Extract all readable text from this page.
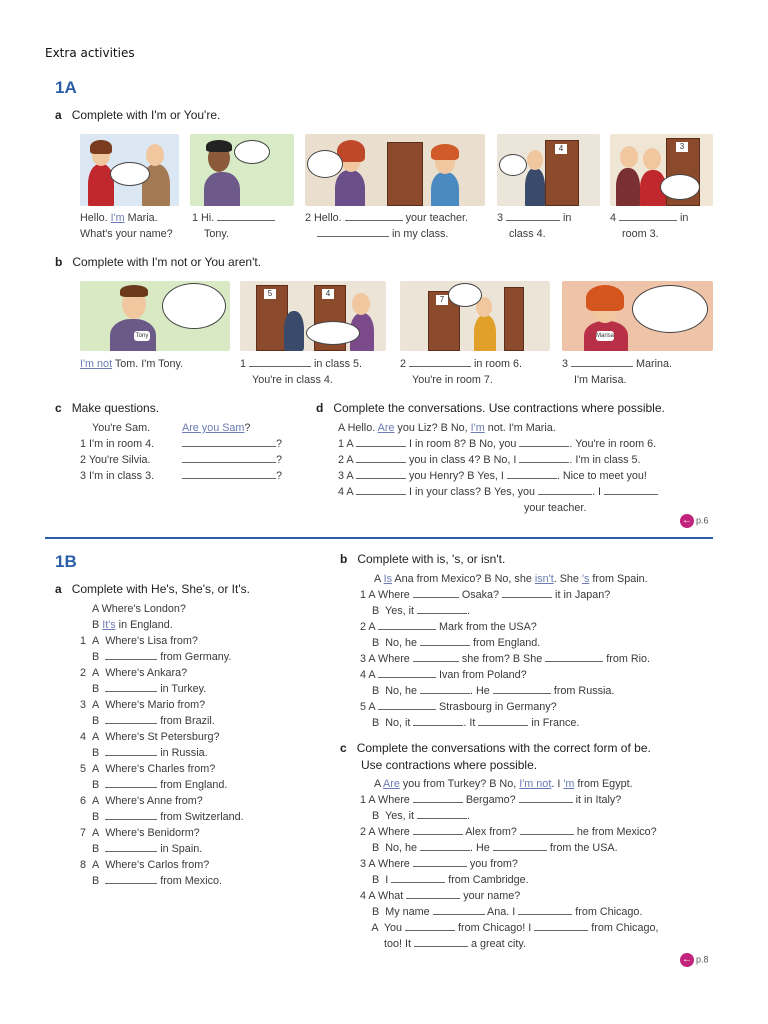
Extra activities
1A
a Complete with I'm or You're.
4	3
Hello. I'm Maria.
What's your name?
1 Hi.
Tony.
2 Hello.	your teacher.
in my class.
3	in
class 4.
4	in
room 3.
b Complete with I'm not or You aren't.
Tony
5	4
7
Marisa
I'm not Tom. I'm Tony.	1	in class 5.
You're in class 4.
2	in room 6.
You're in room 7.
3	Marina.
I'm Marisa.
c Make questions.
You're Sam.	Are you Sam?
1 I'm in room 4.	?
2 You're Silvia.	?
3 I'm in class 3.	?
d Complete the conversations. Use contractions where possible.
A Hello. Are you Liz? B No, I'm not. I'm Maria.
1 A	I in room 8? B No, you	. You're in room 6.
2 A	you in class 4? B No, I	. I'm in class 5.
3 A	you Henry? B Yes, I	. Nice to meet you!
4 A	I in your class? B Yes, you	. I
your teacher.
← p.6
1B
a Complete with He's, She's, or It's.
A Where's London?
B It's in England.
1  A  Where's Lisa from?
B	from Germany.
2  A  Where's Ankara?
B	in Turkey.
3  A  Where's Mario from?
B	from Brazil.
4  A  Where's St Petersburg?
B	in Russia.
5  A  Where's Charles from?
B	from England.
6  A  Where's Anne from?
B	from Switzerland.
7  A  Where's Benidorm?
B	in Spain.
8  A  Where's Carlos from?
B	from Mexico.
b Complete with is, 's, or isn't.
A Is Ana from Mexico? B No, she isn't. She 's from Spain.
1 A Where	Osaka?	it in Japan?
B  Yes, it	.
2 A	Mark from the USA?
B  No, he	from England.
3 A Where	she from? B She	from Rio.
4 A	Ivan from Poland?
B  No, he	. He	from Russia.
5 A	Strasbourg in Germany?
B  No, it	. It	in France.
c Complete the conversations with the correct form of be.
Use contractions where possible.
A Are you from Turkey? B No, I'm not. I 'm from Egypt.
1 A Where	Bergamo?	it in Italy?
B  Yes, it	.
2 A Where	Alex from?	he from Mexico?
B  No, he	. He	from the USA.
3 A Where	you from?
B  I	from Cambridge.
4 A What	your name?
B  My name	Ana. I	from Chicago.
A  You	from Chicago! I	from Chicago,
too! It	a great city.
← p.8
